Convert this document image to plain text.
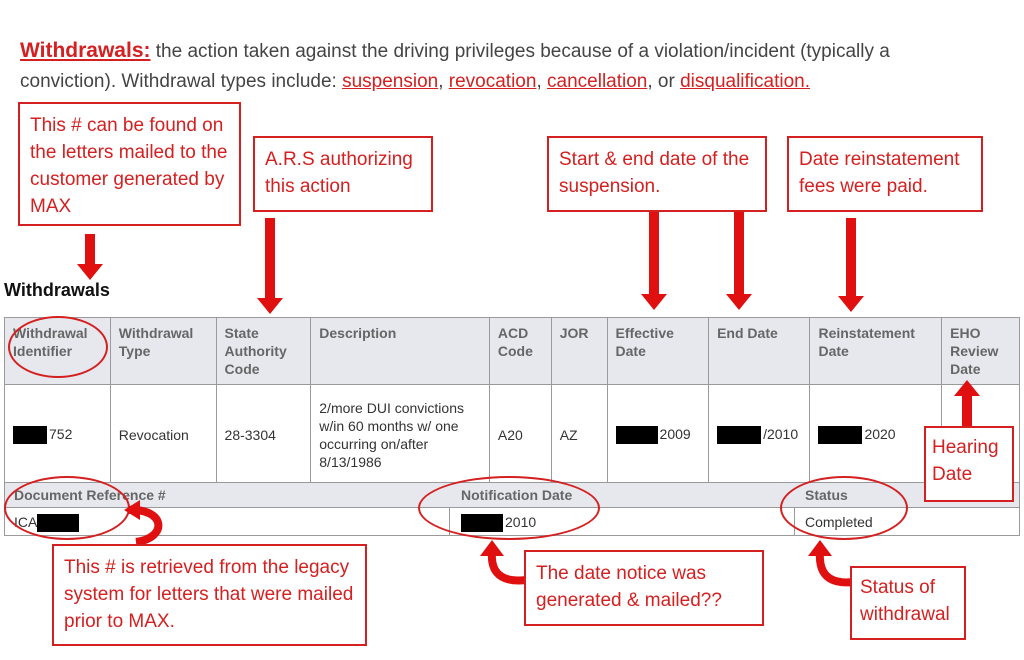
Withdrawals: the action taken against the driving privileges because of a violation/incident (typically a conviction). Withdrawal types include: suspension, revocation, cancellation, or disqualification.
This # can be found on the letters mailed to the customer generated by MAX
A.R.S authorizing this action
Start & end date of the suspension.
Date reinstatement fees were paid.
Withdrawals
Withdrawal Identifier	Withdrawal Type	State Authority Code	Description	ACD Code	JOR	Effective Date	End Date	Reinstatement Date	EHO Review Date
752	Revocation	28-3304	2/more DUI convictions w/in 60 months w/ one occurring on/after 8/13/1986	A20	AZ	2009	/2010	2020	
Document Reference #	Notification Date	Status
ICA	2010	Completed
Hearing Date
This # is retrieved from the legacy system for letters that were mailed prior to MAX.
The date notice was generated & mailed??
Status of withdrawal
